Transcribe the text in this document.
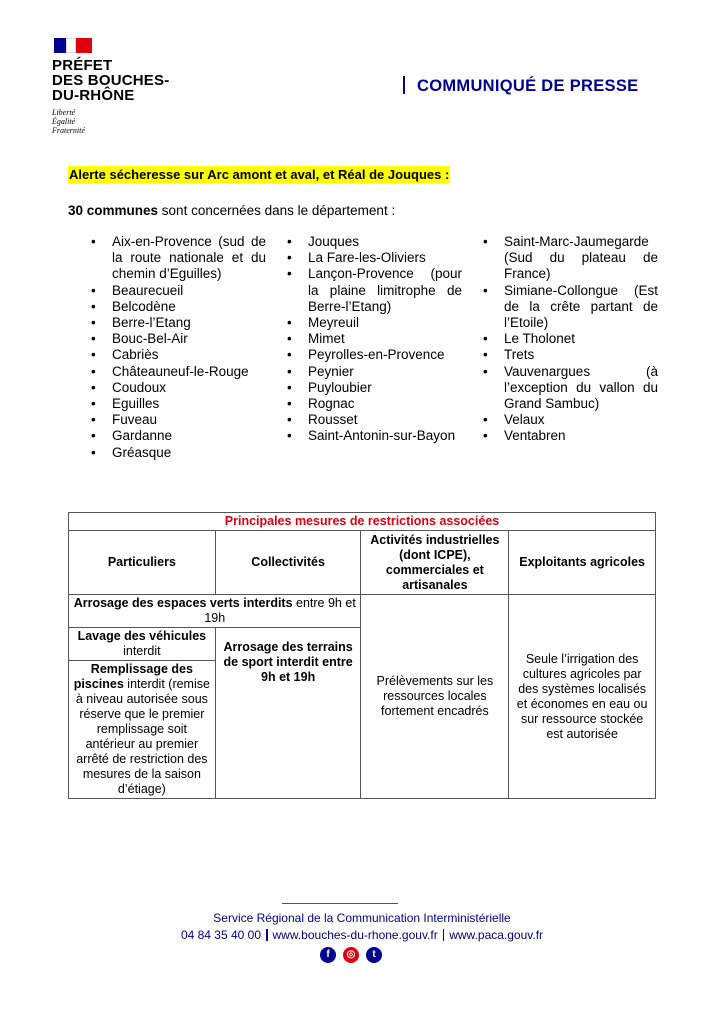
PRÉFET
DES BOUCHES-
DU-RHÔNE
Liberté
Égalité
Fraternité
COMMUNIQUÉ DE PRESSE
Alerte sécheresse sur Arc amont et aval, et Réal de Jouques :
30 communes sont concernées dans le département :
• Aix-en-Provence (sud de la route nationale et du chemin d’Eguilles)
• Beaurecueil
• Belcodène
• Berre-l’Etang
• Bouc-Bel-Air
• Cabriès
• Châteauneuf-le-Rouge
• Coudoux
• Eguilles
• Fuveau
• Gardanne
• Gréasque
• Jouques
• La Fare-les-Oliviers
• Lançon-Provence (pour la plaine limitrophe de Berre-l’Etang)
• Meyreuil
• Mimet
• Peyrolles-en-Provence
• Peynier
• Puyloubier
• Rognac
• Rousset
• Saint-Antonin-sur-Bayon
• Saint-Marc-Jaumegarde (Sud du plateau de France)
• Simiane-Collongue (Est de la crête partant de l’Etoile)
• Le Tholonet
• Trets
• Vauvenargues (à l’exception du vallon du Grand Sambuc)
• Velaux
• Ventabren
Principales mesures de restrictions associées			
Particuliers	Collectivités	Activités industrielles (dont ICPE), commerciales et artisanales	Exploitants agricoles
Arrosage des espaces verts interdits entre 9h et 19h		Prélèvements sur les ressources locales fortement encadrés	Seule l’irrigation des cultures agricoles par des systèmes localisés et économes en eau ou sur ressource stockée est autorisée
Lavage des véhicules interdit	Arrosage des terrains de sport interdit entre 9h et 19h		
Remplissage des piscines interdit (remise à niveau autorisée sous réserve que le premier remplissage soit antérieur au premier arrêté de restriction des mesures de la saison d’étiage)			
Service Régional de la Communication Interministérielle
04 84 35 40 00 www.bouches-du-rhone.gouv.fr www.paca.gouv.fr
f	◎	t
